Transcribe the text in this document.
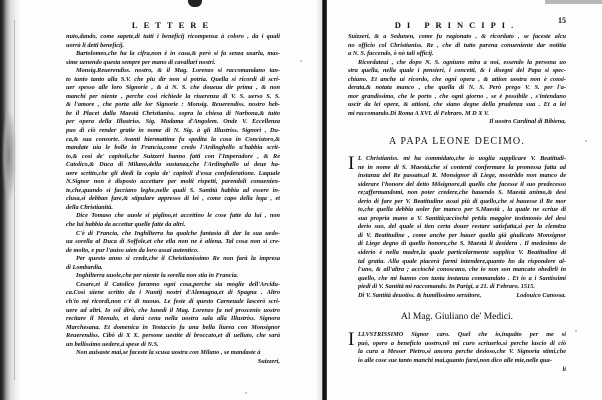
LETTERE

nuto,dando, come sapete,di tutti i beneficij ricompensa à coloro , da i quali
uorrà li detti beneficij.

Bartolomeo,che ha la cifra,non è in casa,& però si fa senza usarla, mas-
sime uenendo questa sempre per mano di cavallari nostri.

Monsig.Reuerendiss. nostro, & il Mag. Lorenzo si raccomandano tan-
to tanto tanto alla S.V. che piu dir non si potria. Quella si ricordi di scri-
uer spesso alle loro Signorie , & à N. S. che doueua dir prima , & non
manchi per niente , perche così richiede la riuerenza di V. S. uerso S. S.
& l'amore , che porta alle lor Signorie : Monsig. Reuerendiss. nostro heb-
be il Placet dalla Maestà Christianiss. sopra la chiesa di Narbona,& tutto
per opera della Illustriss. Sig. Madama d'Angolem. Onde V. Eccellenza
puo di ciò render gratie in nome di N. Sig. à gli Illustriss. Signori , Du-
ca,& sua consorte. Avanti hiermattina fu spedita la cosa in Concistoro,&
mandate uia le bolle in Francia,come credo l'Ardinghello u'habbia scrit-
to,& così de' capitoli,che Suizzeri hanno fatti con l'Imperadore , & Re
Catolico,& Duca di Milano,della sustanza,che l'Ardinghello ui deue ha-
uere scritto,che gli diedi la copia de' capitoli d'essa confederatione. Laquale
N.Signor non è disposto accettare per molti rispetti, parendoli conuenien-
te,che,quando si facciano leghe,nelle quali S. Santità habbia ad essere in-
clusa,si debban fare,& stipulare appresso di lei , come capo della lega , et
della Christianità.

Dice Tomaso che uuole si piglino,et accettino le cose fatte da lui , non
che lui habbia da accettar quelle fatte da altri.

C'è di Francia, che Inghilterra ha qualche fantasia di dar la sua uedo-
ua sorella al Duca di Soffole,et che ella non ne è aliena. Tal cosa non si cre-
de molto, e pur l'auiso uien da loro assai autentico.

Per questo anno si crede,che il Christianissimo Re non farà la impresa
di Lombardia.

Inghilterra uuole,che per niente la sorella non stia in Francia.

Cesare,et il Catolico faranno ogni cosa,perche sia moglie dell'Arcidu-
ca.Così uiene scritto da i Nuntij nostri d'Alemagna,et di Spagna . Altro
ch'io mi ricordi,non c'è di nuouo. Le feste di questo Carneuale lascerò scri-
uere ad altri. Io sol dirò, che lunedì il Mag. Lorenzo fa nel proscenio uostro
recitare il Menulo, et darà cena nella uostra sala alla Illustriss. Signora
Marchesana. Et domenica in Testaccio fa una bella liurea con Monsignor
Reuerendiss. Cibò di X X. persone uestite di broccato,et di uelluto, che sarà
un bellissimo uedere,à spese di N.S.

Non auisaste mai,se faceste la scusa uostra con Milano , se mandaste à

Suizzeri,
DI PRINCIPI.	15

Suizzeri, & a Seduneн, come fu ragionato , & ricordato , se faceste alcu
no officio col Christianiss. Re , che di tutto parena conueniente dar notitia
a N. S. faccendo, ò nò tali officij.

Ricordateui , che dopo N. S. ogniuno mira a noi, essendo la persona uo
stra quella, nella quale i pensieri, i concetti, & i disegni del Papa si spec-
chiano. Et anche ui ricordo, che ogni opera , & attion uostra non è consi-
derata,& notata manco , che quella di N. S. Però prego V. S. per l'a-
mor grandissimo, che le porto , che ogni giorno , se è possibile , s'intendano
uscir da lei opere, & attioni, che siano degne della prudenza sua . Et a lei
mi raccomando.Di Roma A XVI. di Febraro. M D X V.

Il uostro Cardinal di Bibiena,
A PAPA LEONE DECIMO.
I L Christianiss. mi ha commidato,che io uoglia supplicare V. Beatitudi-
ne in nome di S. Maestà,che si contenti confermare la promessa fatta ad
instanza del Re passato,al R. Monsignor di Liege, mostrãdo non manco de
siderare l'honore del detto Mõsignore,di quello che facesse il suo predecesso
re;affermandomi, non poter credere,che hauendo S. Maestà animo,& desi
derio di fare per V. Beatitudine assai più di quello,che si hauesse il Re mor
to,che quella debbia uoler far manco per S.Maestà , la quale ne scriue di
sua propria mano a V. Santità;acciochè prēda maggior testimonio del desi
derio suo, del quale si tien certa douer restare satisfatta,sì per la clemēza
di V. Beatitudine , come anche per hauer quella già giudicato Monsignor
di Liege degno di quello honore,che S. Maestà li desidera . Il medesimo de
siderio è nella madre,la quale particolarmente supplica V. Beatitudine di
tal gratia. Alla quale piacerà farmi intendere,quanto ho da rispondere al-
l'uno, & all'altra ; acciochè conoscano, che io non son mancato obedirli in
quello, che mi hanno con tanta instanza commandato . Et io a i Santissimi
piedi di V. Santità mi raccomando. In Parigi, a 21. di Febraro. 1515.
Di V. Santità deuotiss. & humilissimo seruitore,	Lodouico Canossa.
Al Mag. Giuliano de' Medici.
I LLVSTRISSIMO Signor caro. Quel che io,inquãto per me si
può, opero a beneficio uostro,nõ mi curo scriuerlo,sì perche lascio di ciò
la cura a Messer Pietro,sì ancora perche desioso,che V. Signoria stimi,che
io alle cose sue tanto manchi mai,quanto farei,non dico alle mie,nelle qua-
li
